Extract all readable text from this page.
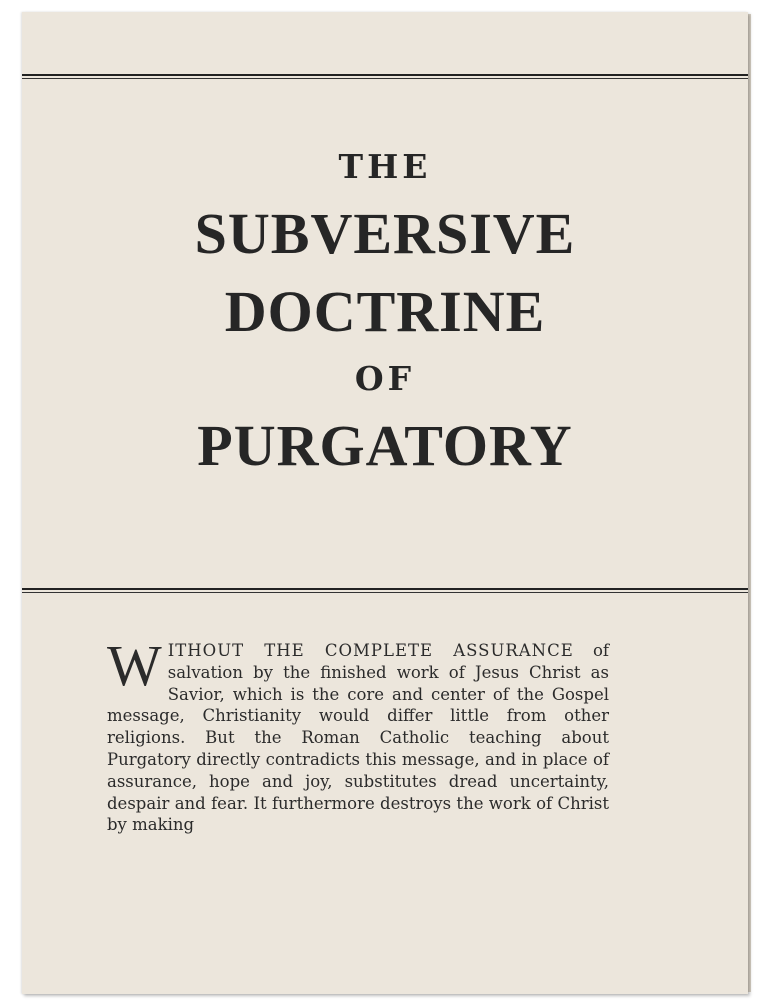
THE
SUBVERSIVE
DOCTRINE
OF
PURGATORY
WITHOUT THE COMPLETE ASSURANCE of salvation by the finished work of Jesus Christ as Savior, which is the core and center of the Gospel message, Christianity would differ little from other religions. But the Roman Catholic teaching about Purgatory directly contradicts this message, and in place of assurance, hope and joy, substitutes dread uncertainty, despair and fear. It furthermore destroys the work of Christ by making
